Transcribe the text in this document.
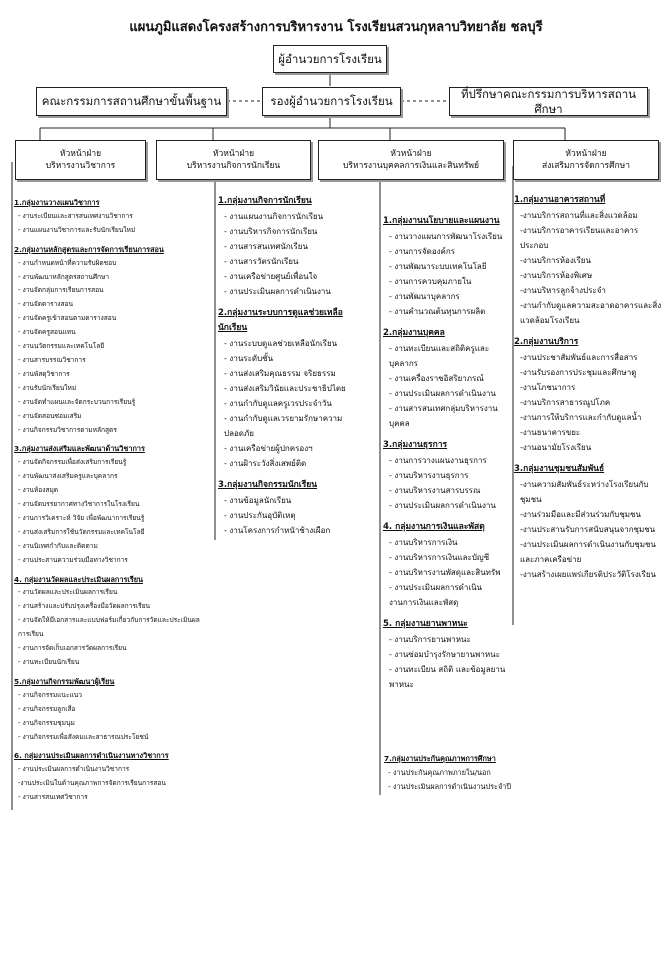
แผนภูมิแสดงโครงสร้างการบริหารงาน โรงเรียนสวนกุหลาบวิทยาลัย ชลบุรี
ผู้อำนวยการโรงเรียน
คณะกรรมการสถานศึกษาขั้นพื้นฐาน	รองผู้อำนวยการโรงเรียน
ที่ปรึกษาคณะกรรมการบริหารสถานศึกษา
หัวหน้าฝ่าย
บริหารงานวิชาการ
หัวหน้าฝ่าย
บริหารงานกิจการนักเรียน
หัวหน้าฝ่าย
บริหารงานบุคคลการเงินและสินทรัพย์
หัวหน้าฝ่าย
ส่งเสริมการจัดการศึกษา
1.กลุ่มงานวางแผนวิชาการ
- งานระเบียนและสารสนเทศงานวิชาการ
- งานแผนงานวิชาการและรับนักเรียนใหม่
2.กลุ่มงานหลักสูตรและการจัดการเรียนการสอน
- งานกำหนดหน้าที่ความรับผิดชอบ
- งานพัฒนาหลักสูตรสถานศึกษา
- งานจัดกลุ่มการเรียนการสอน
- งานจัดตารางสอน
- งานจัดครูเข้าสอนตามตารางสอน
- งานจัดครูสอนแทน
- งานนวัตกรรมและเทคโนโลยี
- งานสารบรรณวิชาการ
- งานพัสดุวิชาการ
- งานรับนักเรียนใหม่
- งานจัดทำแผนและจัดกระบวนการเรียนรู้
- งานจัดสอนซ่อมเสริม
- งานกิจกรรมวิชาการตามหลักสูตร
3.กลุ่มงานส่งเสริมและพัฒนาด้านวิชาการ
- งานจัดกิจกรรมเพื่อส่งเสริมการเรียนรู้
- งานพัฒนาส่งเสริมครูและบุคลากร
- งานห้องสมุด
- งานจัดบรรยากาศทางวิชาการในโรงเรียน
- งานการวิเคราะห์ วิจัย เพื่อพัฒนาการเรียนรู้
- งานส่งเสริมการใช้นวัตกรรมและเทคโนโลยี
- งานนิเทศกำกับและติดตาม
- งานประสานความร่วมมือทางวิชาการ
4. กลุ่มงานวัดผลและประเมินผลการเรียน
- งานวัดผลและประเมินผลการเรียน
- งานสร้างและปรับปรุงเครื่องมือวัดผลการเรียน
- งานจัดให้มีเอกสารและแบบฟอร์มเกี่ยวกับการวัดและประเมินผลการเรียน
- งานการจัดเก็บเอกสารวัดผลการเรียน
- งานทะเบียนนักเรียน
5.กลุ่มงานกิจกรรมพัฒนาผู้เรียน
- งานกิจกรรมแนะแนว
- งานกิจกรรมลูกเสือ
- งานกิจกรรมชุมนุม
- งานกิจกรรมเพื่อสังคมและสาธารณประโยชน์
6. กลุ่มงานประเมินผลการดำเนินงานทางวิชาการ
- งานประเมินผลการดำเนินงานวิชาการ
-งานประเมินในด้านคุณภาพการจัดการเรียนการสอน
- งานสารสนเทศวิชาการ
1.กลุ่มงานกิจการนักเรียน
- งานแผนงานกิจการนักเรียน
- งานบริหารกิจการนักเรียน
- งานสารสนเทศนักเรียน
- งานสารวัตรนักเรียน
- งานเครือข่ายศูนย์เพื่อนใจ
- งานประเมินผลการดำเนินงาน
2.กลุ่มงานระบบการดูแลช่วยเหลือนักเรียน
- งานระบบดูแลช่วยเหลือนักเรียน
- งานระดับชั้น
- งานส่งเสริมคุณธรรม จริยธรรม
- งานส่งเสริมวินัยและประชาธิปไตย
- งานกำกับดูแลครูเวรประจำวัน
- งานกำกับดูแลเวรยามรักษาความปลอดภัย
- งานเครือข่ายผู้ปกครองฯ
- งานฝ้าระวังสิ่งเสพย์ติด
3.กลุ่มงานกิจกรรมนักเรียน
- งานข้อมูลนักเรียน
- งานประกันอุบัติเหตุ
- งานโครงการกำหนัาช้างเผือก
1.กลุ่มงานนโยบายและแผนงาน
- งานวางแผนการพัฒนาโรงเรียน
- งานการจัดองค์กร
- งานพัฒนาระบบเทคโนโลยี
- งานการควบคุมภายใน
- งานพัฒนาบุคลากร
- งานคำนวณต้นทุนการผลิต
2.กลุ่มงานบุคคล
- งานทะเบียนและสถิติครูและบุคลากร
- งานเครื่องราชอิสริยาภรณ์
- งานประเมินผลการดำเนินงาน
- งานสารสนเทศกลุ่มบริหารงานบุคคล
3.กลุ่มงานธุรการ
- งานการวางแผนงานธุรการ
- งานบริหารงานธุรการ
- งานบริหารงานสารบรรณ
- งานประเมินผลการดำเนินงาน
4. กลุ่มงานการเงินและพัสดุ
- งานบริหารการเงิน
- งานบริหารการเงินและบัญชี
- งานบริหารงานพัสดุและสินทรัพ
- งานประเมินผลการดำเนินงานการเงินและพัสดุ
5. กลุ่มงานยานพาหนะ
- งานบริการยานพาหนะ
- งานซ่อมบำรุงรักษายานพาหนะ
- งานทะเบียน สถิติ และข้อมูลยานพาหนะ
1.กลุ่มงานอาคารสถานที่
-งานบริการสถานที่และสิ่งแวดล้อม
-งานบริการอาคารเรียนและอาคารประกอบ
-งานบริการห้องเรียน
-งานบริการห้องพิเศษ
-งานบริหารลูกจ้างประจำ
-งานกำกับดูแลความสะอาดอาคารและสิ่งแวดล้อมโรงเรียน
2.กลุ่มงานบริการ
-งานประชาสัมพันธ์และการสื่อสาร
-งานรับรองการประชุมและศึกษาดู
-งานโภชนาการ
-งานบริการสาธารณูปโภค
-งานการให้บริการและกำกับดูแลน้ำ
-งานธนาคารขยะ
-งานอนามัยโรงเรียน
3.กลุ่มงานชุมชนสัมพันธ์
-งานความสัมพันธ์ระหว่างโรงเรียนกับชุมชน
-งานร่วมมือและมีส่วนร่วมกับชุมชน
-งานประสานรับการสนับสนุนจากชุมชน
-งานประเมินผลการดำเนินงานกับชุมชนและภาคเครือข่าย
-งานสร้างเผยแพร่เกียรติประวัติโรงเรียน
7.กลุ่มงานประกันคุณภาพการศึกษา
- งานประกันคุณภาพภายใน/นอก
- งานประเมินผลการดำเนินงานประจำปี
